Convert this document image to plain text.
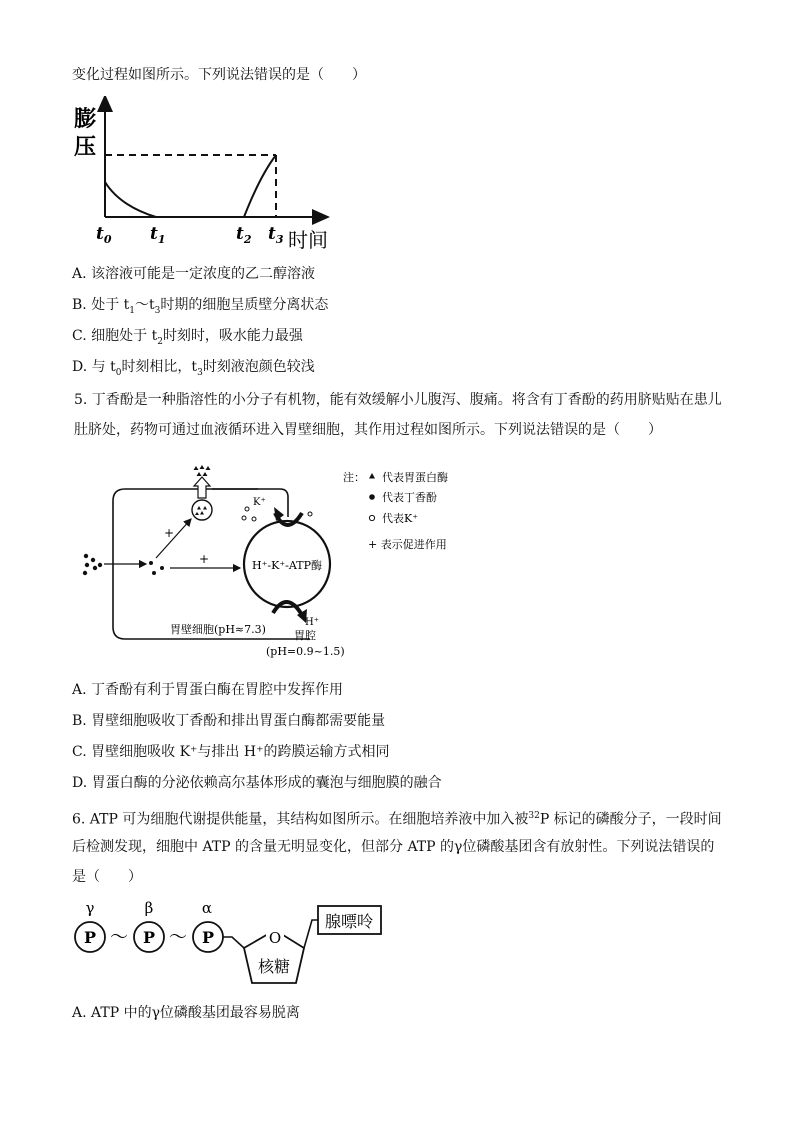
变化过程如图所示。下列说法错误的是（　　）
膨
压
$t_0$ $t_1$	$t_2$ $t_3$ 时间
A. 该溶液可能是一定浓度的乙二醇溶液
B. 处于 $t_1\sim t_3$时期的细胞呈质壁分离状态
C. 细胞处于 $t_2$时刻时，吸水能力最强
D. 与 $t_0$时刻相比，$t_3$时刻液泡颜色较浅
5. 丁香酚是一种脂溶性的小分子有机物，能有效缓解小儿腹泻、腹痛。将含有丁香酚的药用脐贴贴在患儿
肚脐处，药物可通过血液循环进入胃壁细胞，其作用过程如图所示。下列说法错误的是（　　）
H⁺-K⁺-ATP酶
K⁺
H⁺
+
+
胃壁细胞(pH≈7.3)	胃腔
(pH=0.9~1.5)
注： 代表胃蛋白酶
代表丁香酚
代表K⁺
+ 表示促进作用
A. 丁香酚有利于胃蛋白酶在胃腔中发挥作用
B. 胃壁细胞吸收丁香酚和排出胃蛋白酶都需要能量
C. 胃壁细胞吸收 K⁺与排出 H⁺的跨膜运输方式相同
D. 胃蛋白酶的分泌依赖高尔基体形成的囊泡与细胞膜的融合
6. ATP 可为细胞代谢提供能量，其结构如图所示。在细胞培养液中加入被$^{32}$P 标记的磷酸分子，一段时间
后检测发现，细胞中 ATP 的含量无明显变化，但部分 ATP 的γ位磷酸基团含有放射性。下列说法错误的
是（　　）
γ	β	α
P	P	P
～ ～	O
核糖
腺嘌呤
A. ATP 中的γ位磷酸基团最容易脱离
